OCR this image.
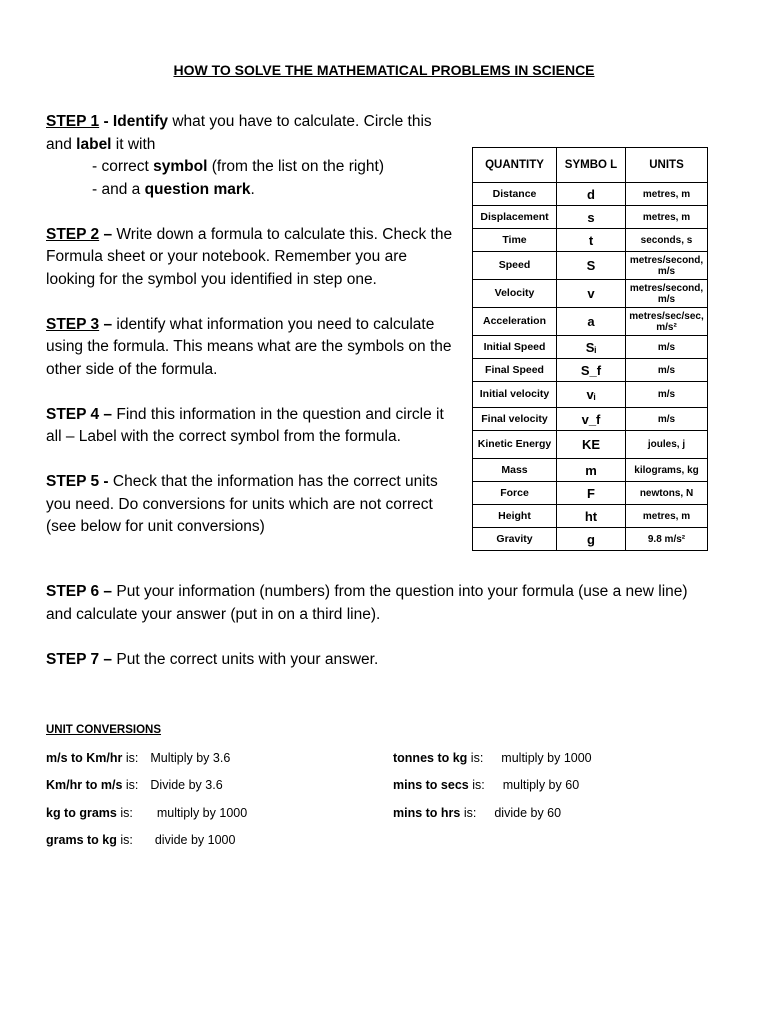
HOW TO SOLVE THE MATHEMATICAL PROBLEMS IN SCIENCE
STEP 1 - Identify what you have to calculate. Circle this and label it with
- correct symbol (from the list on the right)
- and a question mark.
STEP 2 – Write down a formula to calculate this. Check the Formula sheet or your notebook. Remember you are looking for the symbol you identified in step one.
STEP 3 – identify what information you need to calculate using the formula. This means what are the symbols on the other side of the formula.
STEP 4 – Find this information in the question and circle it all – Label with the correct symbol from the formula.
STEP 5 - Check that the information has the correct units you need. Do conversions for units which are not correct (see below for unit conversions)
STEP 6 – Put your information (numbers) from the question into your formula (use a new line) and calculate your answer (put in on a third line).
STEP 7 – Put the correct units with your answer.
QUANTITY	SYMBO L	UNITS
Distance	d	metres, m
Displacement	s	metres, m
Time	t	seconds, s
Speed	S	metres/second, m/s
Velocity	v	metres/second, m/s
Acceleration	a	metres/sec/sec, m/s²
Initial Speed	Sᵢ	m/s
Final Speed	S_f	m/s
Initial velocity	vᵢ	m/s
Final velocity	v_f	m/s
Kinetic Energy	KE	joules, j
Mass	m	kilograms, kg
Force	F	newtons, N
Height	ht	metres, m
Gravity	g	9.8 m/s²
UNIT CONVERSIONS
m/s to Km/hr is: Multiply by 3.6
Km/hr to m/s is: Divide by 3.6
kg to grams is: multiply by 1000
grams to kg is: divide by 1000
tonnes to kg is: multiply by 1000
mins to secs is: multiply by 60
mins to hrs is: divide by 60
